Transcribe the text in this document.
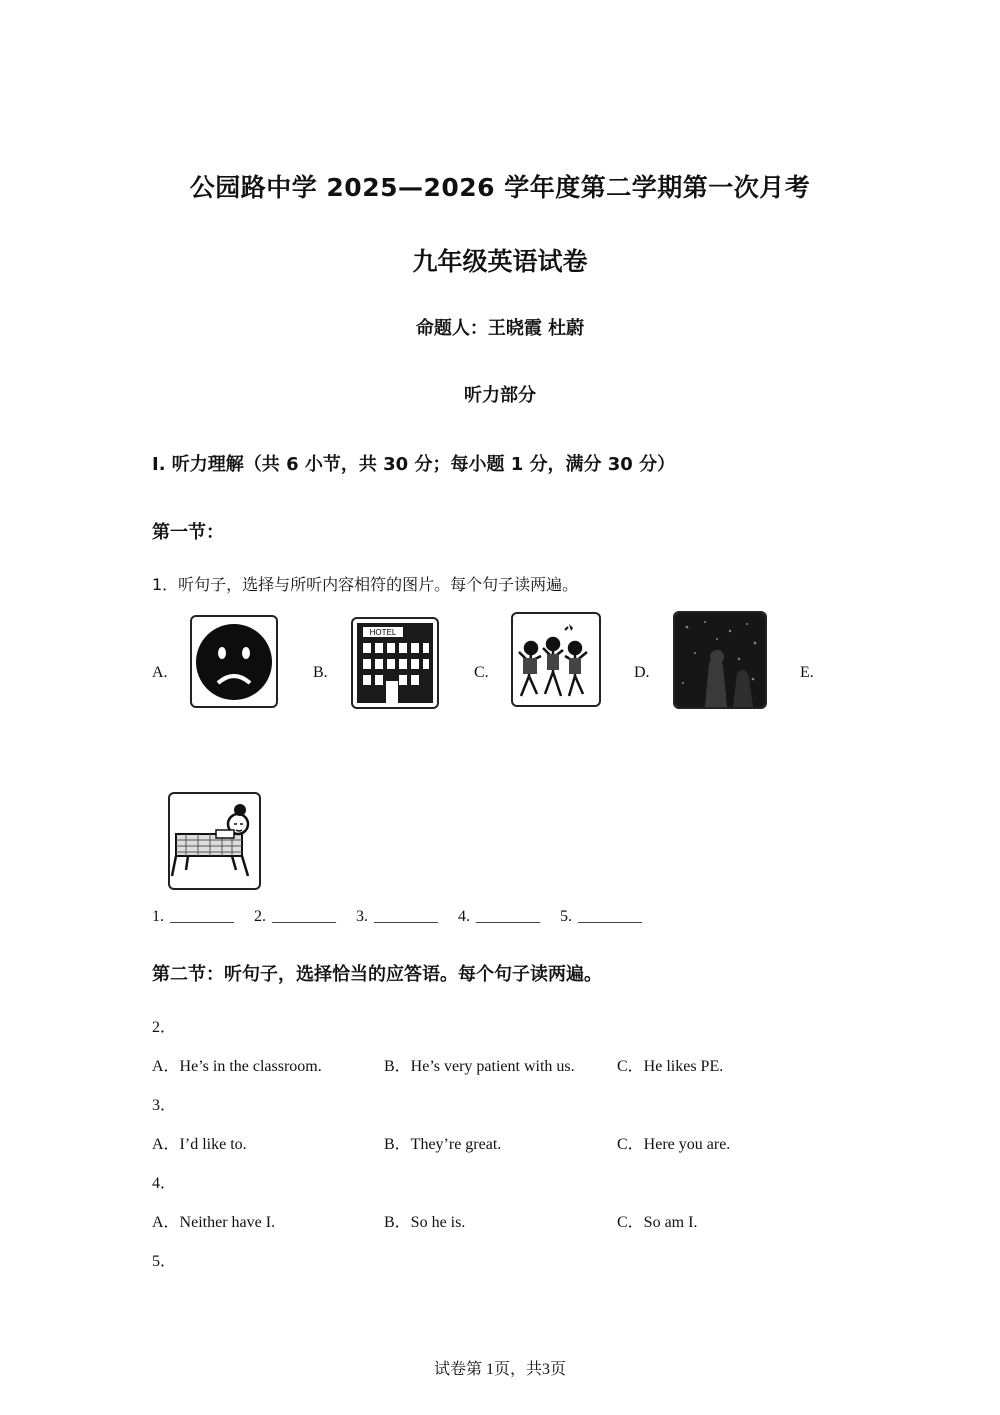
公园路中学 2025—2026 学年度第二学期第一次月考
九年级英语试卷
命题人：王晓霞 杜蔚
听力部分
I. 听力理解（共 6 小节，共 30 分；每小题 1 分，满分 30 分）
第一节：
1．听句子，选择与所听内容相符的图片。每个句子读两遍。
A.	B.	C.	D.	E.
HOTEL
1. ________ 2. ________ 3. ________ 4. ________ 5. ________
第二节：听句子，选择恰当的应答语。每个句子读两遍。
2．
A．He’s in the classroom.	B．He’s very patient with us.	C．He likes PE.
3．
A．I’d like to.	B．They’re great.	C．Here you are.
4．
A．Neither have I.	B．So he is.	C．So am I.
5．
试卷第 1页，共3页
